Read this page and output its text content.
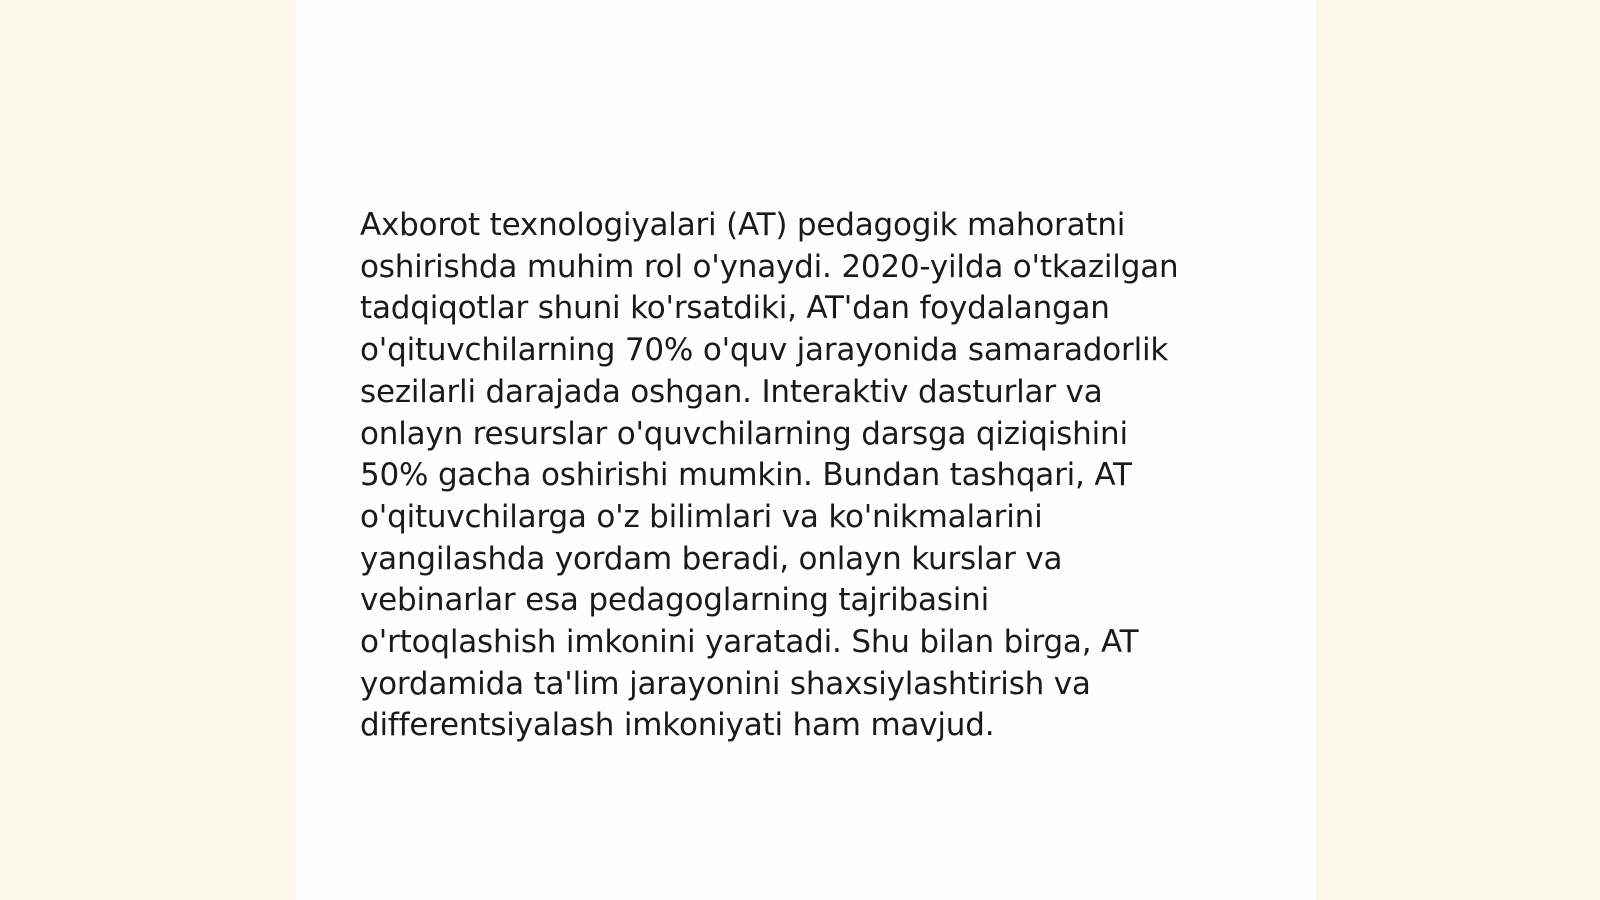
Axborot texnologiyalari (AT) pedagogik mahoratni
oshirishda muhim rol o'ynaydi. 2020-yilda o'tkazilgan
tadqiqotlar shuni ko'rsatdiki, AT'dan foydalangan
o'qituvchilarning 70% o'quv jarayonida samaradorlik
sezilarli darajada oshgan. Interaktiv dasturlar va
onlayn resurslar o'quvchilarning darsga qiziqishini
50% gacha oshirishi mumkin. Bundan tashqari, AT
o'qituvchilarga o'z bilimlari va ko'nikmalarini
yangilashda yordam beradi, onlayn kurslar va
vebinarlar esa pedagoglarning tajribasini
o'rtoqlashish imkonini yaratadi. Shu bilan birga, AT
yordamida ta'lim jarayonini shaxsiylashtirish va
differentsiyalash imkoniyati ham mavjud.
